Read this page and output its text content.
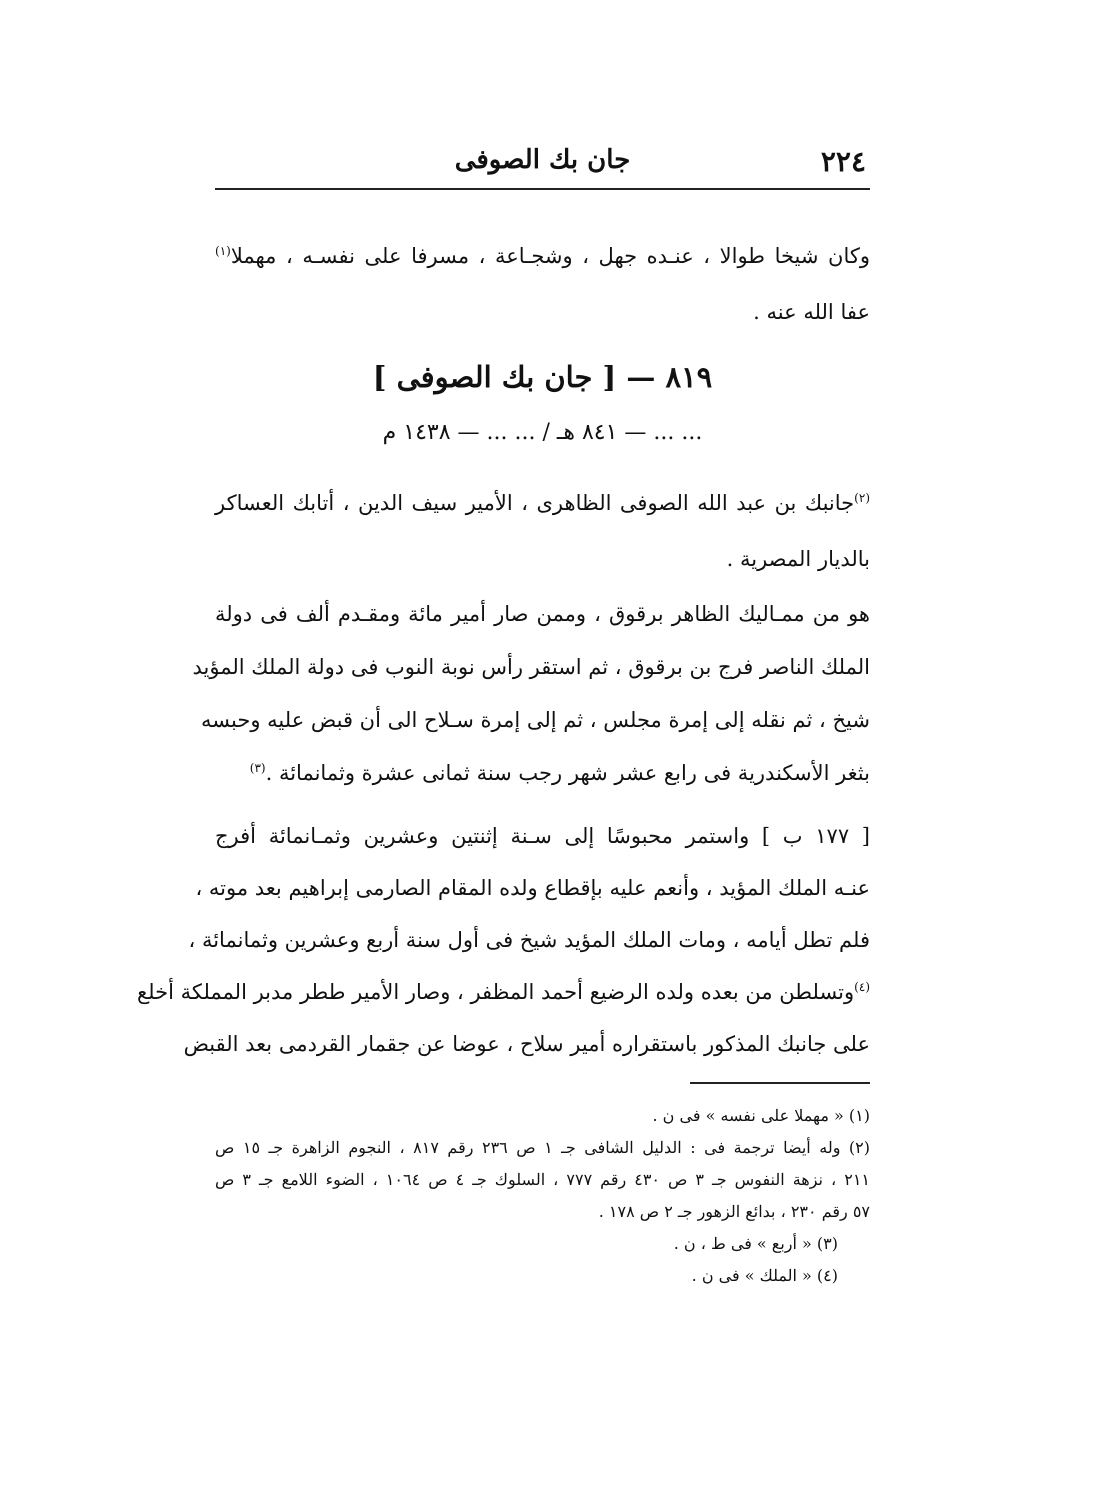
٢٢٤
جان بك الصوفى
وكان شيخا طوالا ، عنـده جهل ، وشجـاعة ، مسرفا على نفسـه ، مهملا$^{(١)}$
عفا الله عنه .
٨١٩ — [ جان بك الصوفى ]
... ... — ٨٤١ هـ / ... ... — ١٤٣٨ م
$^{(٢)}$جانبك بن عبد الله الصوفى الظاهرى ، الأمير سيف الدين ، أتابك العساكر
بالديار المصرية .
هو من ممـاليك الظاهر برقوق ، وممن صار أمير مائة ومقـدم ألف فى دولة
الملك الناصر فرج بن برقوق ، ثم استقر رأس نوبة النوب فى دولة الملك المؤيد
شيخ ، ثم نقله إلى إمرة مجلس ، ثم إلى إمرة سـلاح الى أن قبض عليه وحبسه
بثغر الأسكندرية فى رابع عشر شهر رجب سنة ثمانى عشرة وثمانمائة .$^{(٣)}$
[ ١٧٧ ب ] واستمر محبوسًا إلى سـنة إثنتين وعشرين وثمـانمائة أفرج
عنـه الملك المؤيد ، وأنعم عليه بإقطاع ولده المقام الصارمى إبراهيم بعد موته ،
فلم تطل أيامه ، ومات الملك المؤيد شيخ فى أول سنة أربع وعشرين وثمانمائة ،
$^{(٤)}$وتسلطن من بعده ولده الرضيع أحمد المظفر ، وصار الأمير ططر مدبر المملكة أخلع
على جانبك المذكور باستقراره أمير سلاح ، عوضا عن جقمار القردمى بعد القبض
(١) « مهملا على نفسه » فى ن .
(٢) وله أيضا ترجمة فى : الدليل الشافى جـ ١ ص ٢٣٦ رقم ٨١٧ ، النجوم الزاهرة جـ ١٥ ص
٢١١ ، نزهة النفوس جـ ٣ ص ٤٣٠ رقم ٧٧٧ ، السلوك جـ ٤ ص ١٠٦٤ ، الضوء اللامع جـ ٣ ص
٥٧ رقم ٢٣٠ ، بدائع الزهور جـ ٢ ص ١٧٨ .
(٣) « أربع » فى ط ، ن .
(٤) « الملك » فى ن .
